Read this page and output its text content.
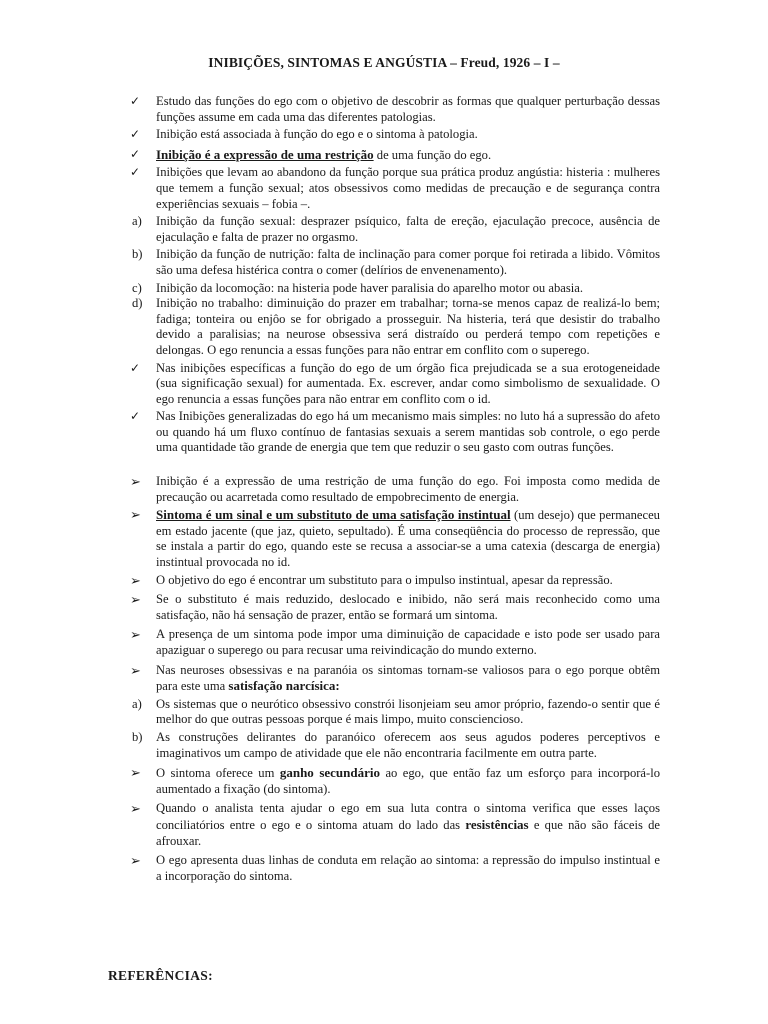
INIBIÇÕES, SINTOMAS E ANGÚSTIA – Freud, 1926 – I –
✓	Estudo das funções do ego com o objetivo de descobrir as formas que qualquer perturbação dessas funções assume em cada uma das diferentes patologias.
✓	Inibição está associada à função do ego e o sintoma à patologia.
✓	Inibição é a expressão de uma restrição de uma função do ego.
✓	Inibições que levam ao abandono da função porque sua prática produz angústia: histeria : mulheres que temem a função sexual; atos obsessivos como medidas de precaução e de segurança contra experiências sexuais – fobia –.
a)	Inibição da função sexual: desprazer psíquico, falta de ereção, ejaculação precoce, ausência de ejaculação e falta de prazer no orgasmo.
b)	Inibição da função de nutrição: falta de inclinação para comer porque foi retirada a libido. Vômitos são uma defesa histérica contra o comer (delírios de envenenamento).
c)	Inibição da locomoção: na histeria pode haver paralisia do aparelho motor ou abasia.
d)	Inibição no trabalho: diminuição do prazer em trabalhar; torna-se menos capaz de realizá-lo bem; fadiga; tonteira ou enjôo se for obrigado a prosseguir. Na histeria, terá que desistir do trabalho devido a paralisias; na neurose obsessiva será distraído ou perderá tempo com repetições e delongas. O ego renuncia a essas funções para não entrar em conflito com o superego.
✓	Nas inibições específicas a função do ego de um órgão fica prejudicada se a sua erotogeneidade (sua significação sexual) for aumentada. Ex. escrever, andar como simbolismo de sexualidade. O ego renuncia a essas funções para não entrar em conflito com o id.
✓	Nas Inibições generalizadas do ego há um mecanismo mais simples: no luto há a supressão do afeto ou quando há um fluxo contínuo de fantasias sexuais a serem mantidas sob controle, o ego perde uma quantidade tão grande de energia que tem que reduzir o seu gasto com outras funções.
➢	Inibição é a expressão de uma restrição de uma função do ego. Foi imposta como medida de precaução ou acarretada como resultado de empobrecimento de energia.
➢	Sintoma é um sinal e um substituto de uma satisfação instintual (um desejo) que permaneceu em estado jacente (que jaz, quieto, sepultado). É uma conseqüência do processo de repressão, que se instala a partir do ego, quando este se recusa a associar-se a uma catexia (descarga de energia) instintual provocada no id.
➢	O objetivo do ego é encontrar um substituto para o impulso instintual, apesar da repressão.
➢	Se o substituto é mais reduzido, deslocado e inibido, não será mais reconhecido como uma satisfação, não há sensação de prazer, então se formará um sintoma.
➢	A presença de um sintoma pode impor uma diminuição de capacidade e isto pode ser usado para apaziguar o superego ou para recusar uma reivindicação do mundo externo.
➢	Nas neuroses obsessivas e na paranóia os sintomas tornam-se valiosos para o ego porque obtêm para este uma satisfação narcísica:
a)	Os sistemas que o neurótico obsessivo constrói lisonjeiam seu amor próprio, fazendo-o sentir que é melhor do que outras pessoas porque é mais limpo, muito consciencioso.
b)	As construções delirantes do paranóico oferecem aos seus agudos poderes perceptivos e imaginativos um campo de atividade que ele não encontraria facilmente em outra parte.
➢	O sintoma oferece um ganho secundário ao ego, que então faz um esforço para incorporá-lo aumentado a fixação (do sintoma).
➢	Quando o analista tenta ajudar o ego em sua luta contra o sintoma verifica que esses laços conciliatórios entre o ego e o sintoma atuam do lado das resistências e que não são fáceis de afrouxar.
➢	O ego apresenta duas linhas de conduta em relação ao sintoma: a repressão do impulso instintual e a incorporação do sintoma.
REFERÊNCIAS:
